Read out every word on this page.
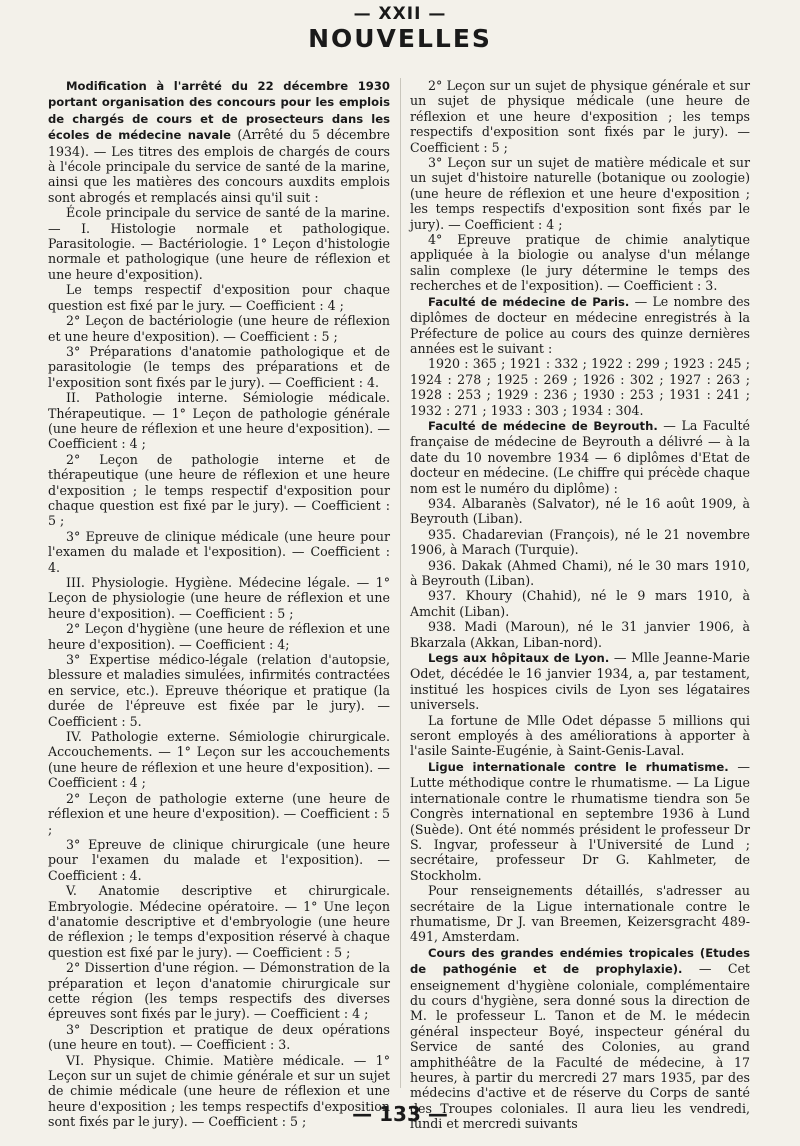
— XXII —
NOUVELLES

Modification à l'arrêté du 22 décembre 1930 portant organisation des concours pour les emplois de chargés de cours et de prosecteurs dans les écoles de médecine navale (Arrêté du 5 décembre 1934). — Les titres des emplois de chargés de cours à l'école principale du service de santé de la marine, ainsi que les matières des concours auxdits emplois sont abrogés et remplacés ainsi qu'il suit :

École principale du service de santé de la marine. — I. Histologie normale et pathologique. Parasitologie. — Bactériologie. 1° Leçon d'histologie normale et pathologique (une heure de réflexion et une heure d'exposition).

Le temps respectif d'exposition pour chaque question est fixé par le jury. — Coefficient : 4 ;

2° Leçon de bactériologie (une heure de réflexion et une heure d'exposition). — Coefficient : 5 ;

3° Préparations d'anatomie pathologique et de parasitologie (le temps des préparations et de l'exposition sont fixés par le jury). — Coefficient : 4.

II. Pathologie interne. Sémiologie médicale. Thérapeutique. — 1° Leçon de pathologie générale (une heure de réflexion et une heure d'exposition). — Coefficient : 4 ;

2° Leçon de pathologie interne et de thérapeutique (une heure de réflexion et une heure d'exposition ; le temps respectif d'exposition pour chaque question est fixé par le jury). — Coefficient : 5 ;

3° Epreuve de clinique médicale (une heure pour l'examen du malade et l'exposition). — Coefficient : 4.

III. Physiologie. Hygiène. Médecine légale. — 1° Leçon de physiologie (une heure de réflexion et une heure d'exposition). — Coefficient : 5 ;

2° Leçon d'hygiène (une heure de réflexion et une heure d'exposition). — Coefficient : 4;

3° Expertise médico-légale (relation d'autopsie, blessure et maladies simulées, infirmités contractées en service, etc.). Epreuve théorique et pratique (la durée de l'épreuve est fixée par le jury). — Coefficient : 5.

IV. Pathologie externe. Sémiologie chirurgicale. Accouchements. — 1° Leçon sur les accouchements (une heure de réflexion et une heure d'exposition). — Coefficient : 4 ;

2° Leçon de pathologie externe (une heure de réflexion et une heure d'exposition). — Coefficient : 5 ;

3° Epreuve de clinique chirurgicale (une heure pour l'examen du malade et l'exposition). — Coefficient : 4.

V. Anatomie descriptive et chirurgicale. Embryologie. Médecine opératoire. — 1° Une leçon d'anatomie descriptive et d'embryologie (une heure de réflexion ; le temps d'exposition réservé à chaque question est fixé par le jury). — Coefficient : 5 ;

2° Dissertion d'une région. — Démonstration de la préparation et leçon d'anatomie chirurgicale sur cette région (les temps respectifs des diverses épreuves sont fixés par le jury). — Coefficient : 4 ;

3° Description et pratique de deux opérations (une heure en tout). — Coefficient : 3.

VI. Physique. Chimie. Matière médicale. — 1° Leçon sur un sujet de chimie générale et sur un sujet de chimie médicale (une heure de réflexion et une heure d'exposition ; les temps respectifs d'exposition sont fixés par le jury). — Coefficient : 5 ;

2° Leçon sur un sujet de physique générale et sur un sujet de physique médicale (une heure de réflexion et une heure d'exposition ; les temps respectifs d'exposition sont fixés par le jury). — Coefficient : 5 ;

3° Leçon sur un sujet de matière médicale et sur un sujet d'histoire naturelle (botanique ou zoologie) (une heure de réflexion et une heure d'exposition ; les temps respectifs d'exposition sont fixés par le jury). — Coefficient : 4 ;

4° Epreuve pratique de chimie analytique appliquée à la biologie ou analyse d'un mélange salin complexe (le jury détermine le temps des recherches et de l'exposition). — Coefficient : 3.

Faculté de médecine de Paris. — Le nombre des diplômes de docteur en médecine enregistrés à la Préfecture de police au cours des quinze dernières années est le suivant :

1920 : 365 ; 1921 : 332 ; 1922 : 299 ; 1923 : 245 ; 1924 : 278 ; 1925 : 269 ; 1926 : 302 ; 1927 : 263 ; 1928 : 253 ; 1929 : 236 ; 1930 : 253 ; 1931 : 241 ; 1932 : 271 ; 1933 : 303 ; 1934 : 304.

Faculté de médecine de Beyrouth. — La Faculté française de médecine de Beyrouth a délivré — à la date du 10 novembre 1934 — 6 diplômes d'Etat de docteur en médecine. (Le chiffre qui précède chaque nom est le numéro du diplôme) :

934. Albaranès (Salvator), né le 16 août 1909, à Beyrouth (Liban).

935. Chadarevian (François), né le 21 novembre 1906, à Marach (Turquie).

936. Dakak (Ahmed Chami), né le 30 mars 1910, à Beyrouth (Liban).

937. Khoury (Chahid), né le 9 mars 1910, à Amchit (Liban).

938. Madi (Maroun), né le 31 janvier 1906, à Bkarzala (Akkan, Liban-nord).

Legs aux hôpitaux de Lyon. — Mlle Jeanne-Marie Odet, décédée le 16 janvier 1934, a, par testament, institué les hospices civils de Lyon ses légataires universels.

La fortune de Mlle Odet dépasse 5 millions qui seront employés à des améliorations à apporter à l'asile Sainte-Eugénie, à Saint-Genis-Laval.

Ligue internationale contre le rhumatisme. — Lutte méthodique contre le rhumatisme. — La Ligue internationale contre le rhumatisme tiendra son 5e Congrès international en septembre 1936 à Lund (Suède). Ont été nommés président le professeur Dr S. Ingvar, professeur à l'Université de Lund ; secrétaire, professeur Dr G. Kahlmeter, de Stockholm.

Pour renseignements détaillés, s'adresser au secrétaire de la Ligue internationale contre le rhumatisme, Dr J. van Breemen, Keizersgracht 489-491, Amsterdam.

Cours des grandes endémies tropicales (Etudes de pathogénie et de prophylaxie). — Cet enseignement d'hygiène coloniale, complémentaire du cours d'hygiène, sera donné sous la direction de M. le professeur L. Tanon et de M. le médecin général inspecteur Boyé, inspecteur général du Service de santé des Colonies, au grand amphithéâtre de la Faculté de médecine, à 17 heures, à partir du mercredi 27 mars 1935, par des médecins d'active et de réserve du Corps de santé des Troupes coloniales. Il aura lieu les vendredi, lundi et mercredi suivants

— 133 —
